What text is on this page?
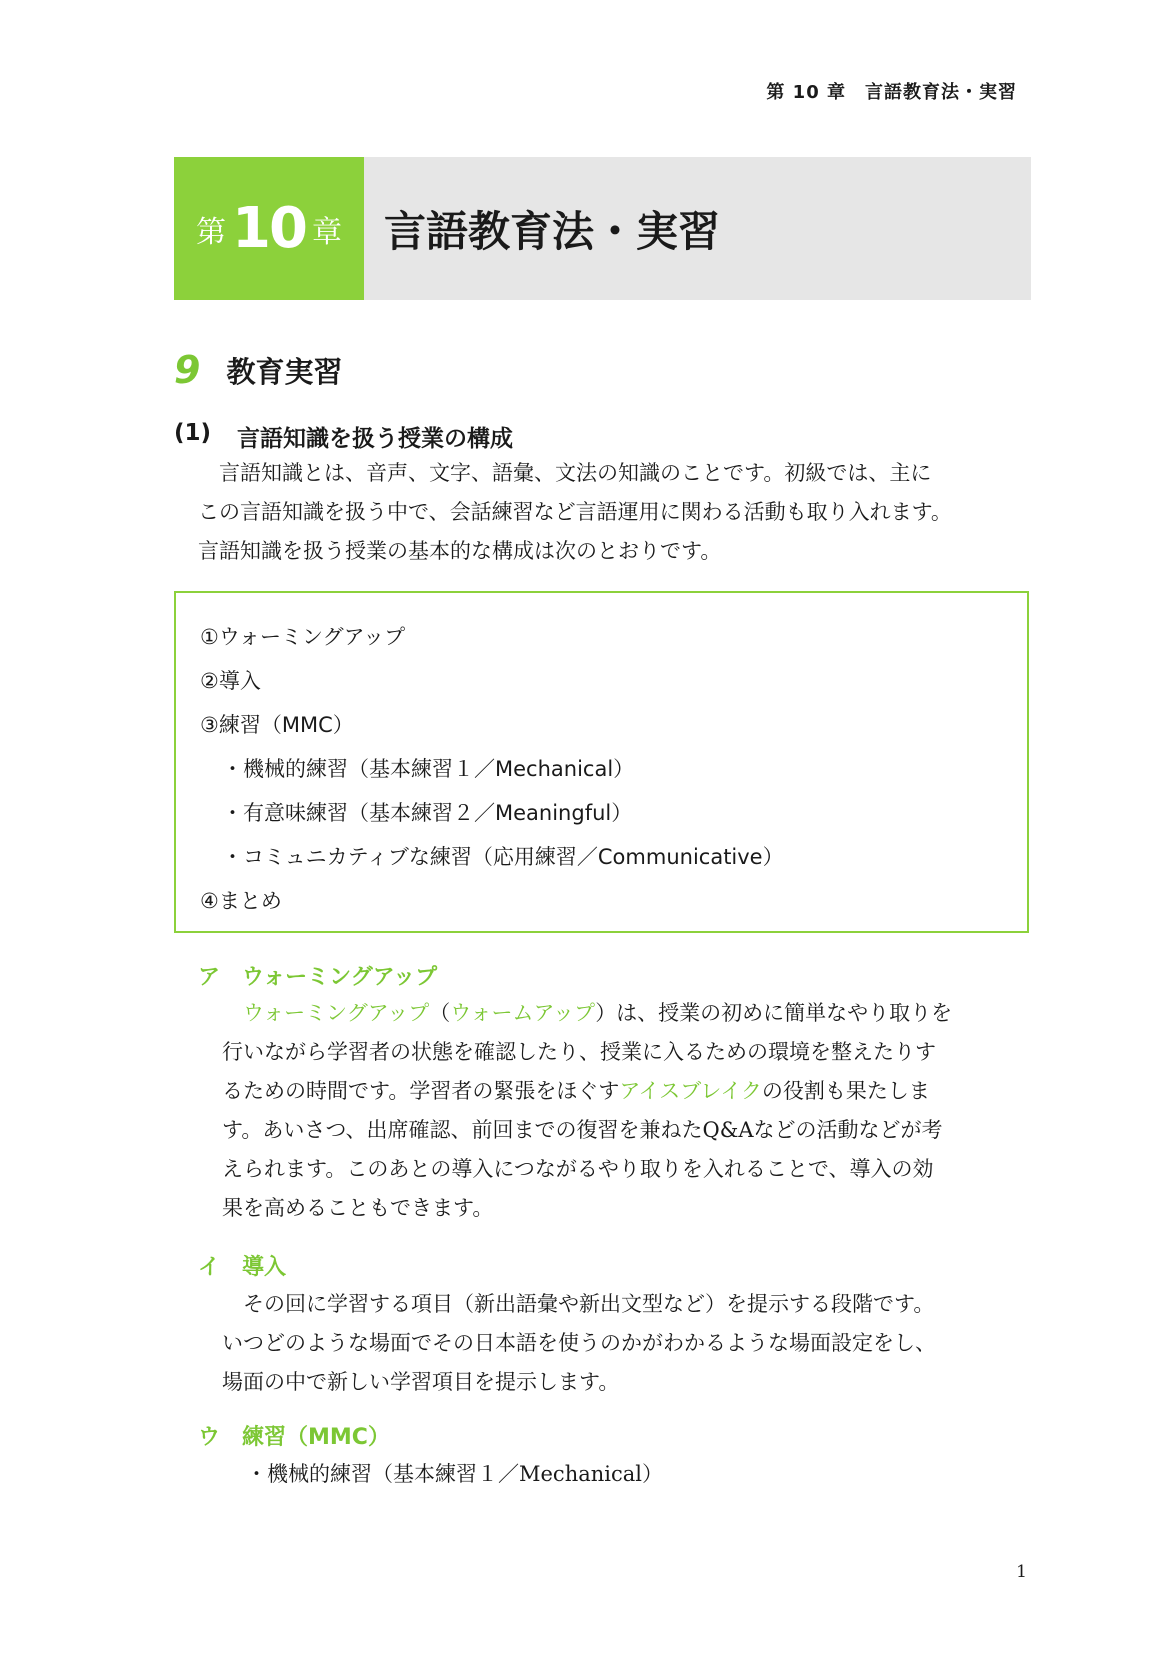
第 10 章　言語教育法・実習
第 10 章	言語教育法・実習
9 教育実習
(1) 言語知識を扱う授業の構成

　言語知識とは、音声、文字、語彙、文法の知識のことです。初級では、主に
この言語知識を扱う中で、会話練習など言語運用に関わる活動も取り入れます。
言語知識を扱う授業の基本的な構成は次のとおりです。

①ウォーミングアップ
②導入
③練習（MMC）
・機械的練習（基本練習１／Mechanical）
・有意味練習（基本練習２／Meaningful）
・コミュニカティブな練習（応用練習／Communicative）
④まとめ
ア ウォーミングアップ

　ウォーミングアップ（ウォームアップ）は、授業の初めに簡単なやり取りを
行いながら学習者の状態を確認したり、授業に入るための環境を整えたりす
るための時間です。学習者の緊張をほぐすアイスブレイクの役割も果たしま
す。あいさつ、出席確認、前回までの復習を兼ねたQ&Aなどの活動などが考
えられます。このあとの導入につながるやり取りを入れることで、導入の効
果を高めることもできます。

イ 導入

　その回に学習する項目（新出語彙や新出文型など）を提示する段階です。
いつどのような場面でその日本語を使うのかがわかるような場面設定をし、
場面の中で新しい学習項目を提示します。

ウ 練習（MMC）

・機械的練習（基本練習１／Mechanical）

1
